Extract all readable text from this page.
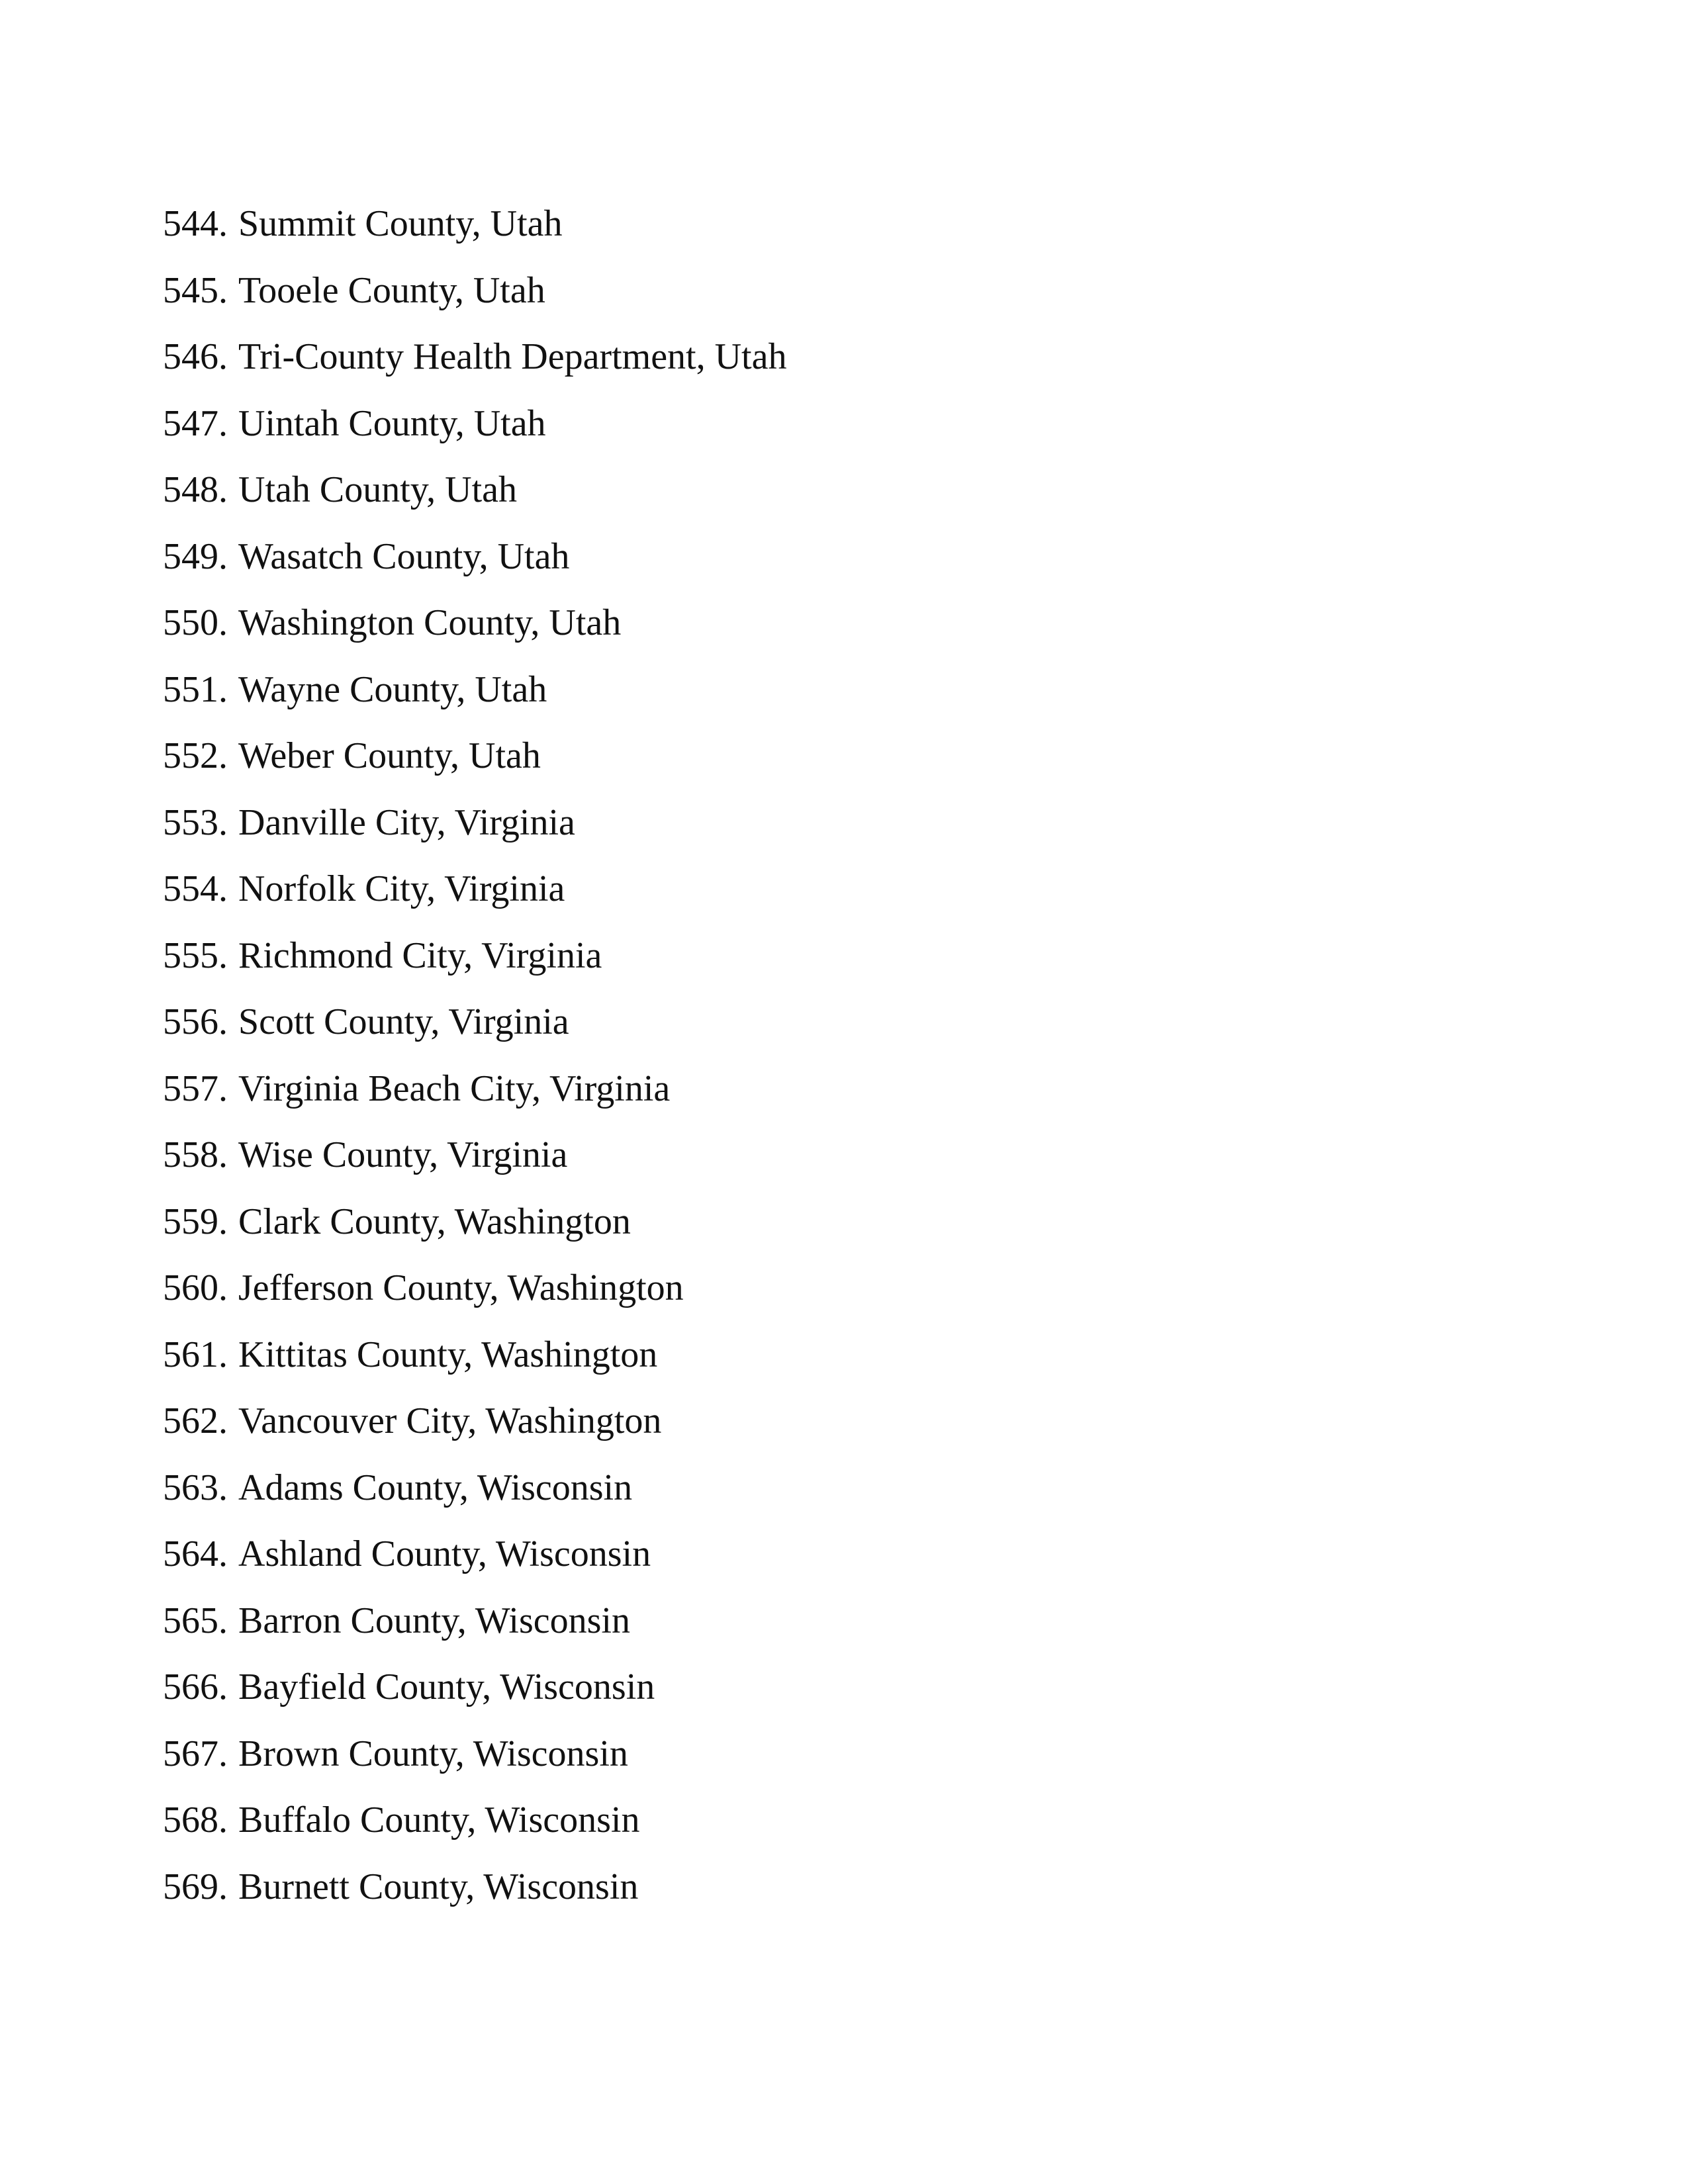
544. Summit County, Utah
545. Tooele County, Utah
546. Tri-County Health Department, Utah
547. Uintah County, Utah
548. Utah County, Utah
549. Wasatch County, Utah
550. Washington County, Utah
551. Wayne County, Utah
552. Weber County, Utah
553. Danville City, Virginia
554. Norfolk City, Virginia
555. Richmond City, Virginia
556. Scott County, Virginia
557. Virginia Beach City, Virginia
558. Wise County, Virginia
559. Clark County, Washington
560. Jefferson County, Washington
561. Kittitas County, Washington
562. Vancouver City, Washington
563. Adams County, Wisconsin
564. Ashland County, Wisconsin
565. Barron County, Wisconsin
566. Bayfield County, Wisconsin
567. Brown County, Wisconsin
568. Buffalo County, Wisconsin
569. Burnett County, Wisconsin
